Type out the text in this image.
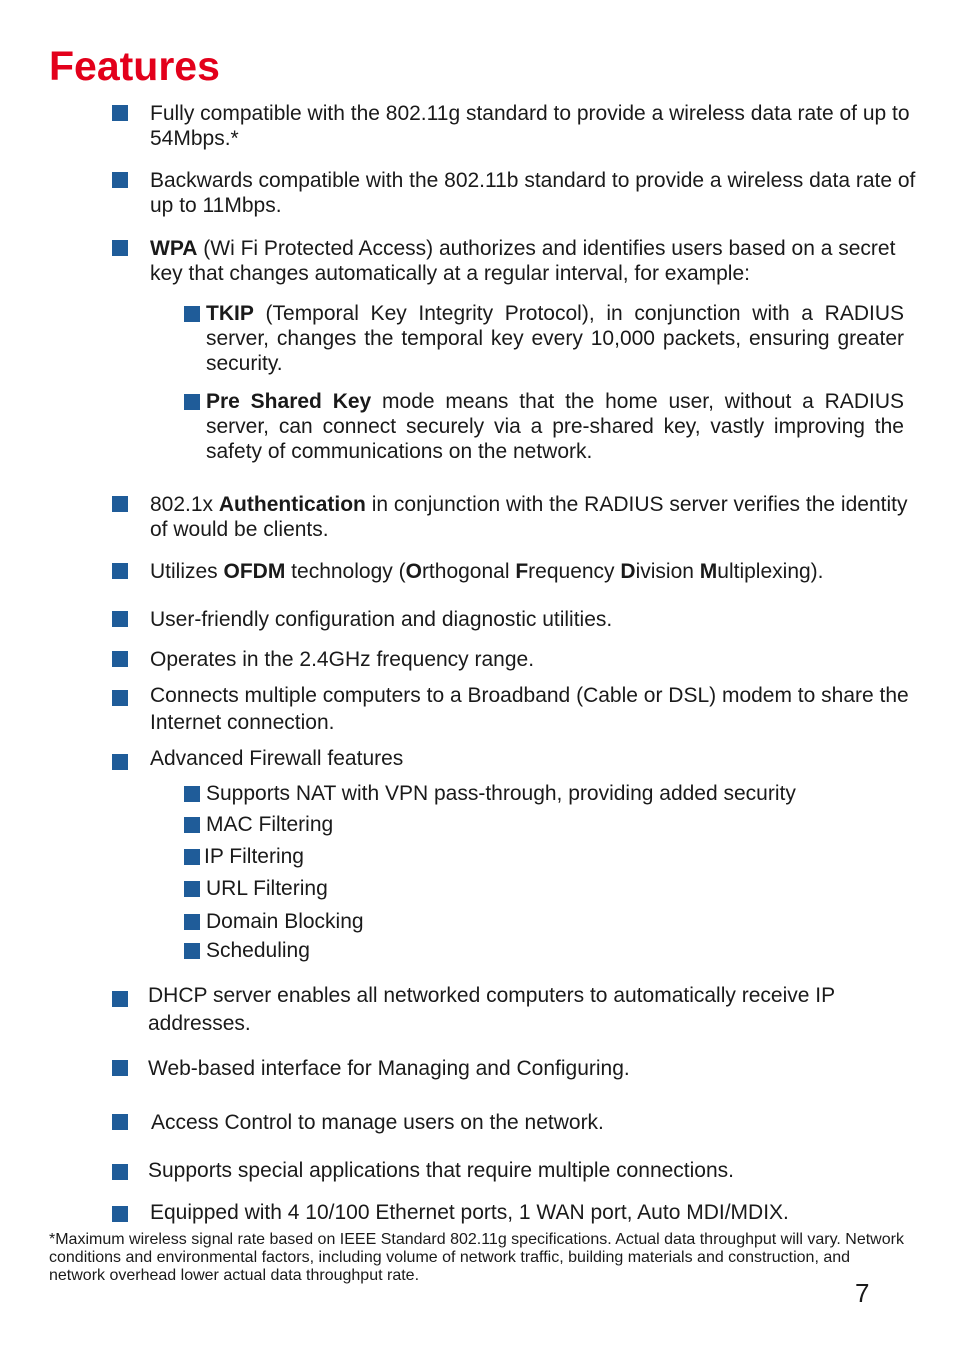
Features
Fully compatible with the 802.11g standard to provide a wireless data rate of up to 54Mbps.*
Backwards compatible with the 802.11b standard to provide a wireless data rate of up to 11Mbps.
WPA (Wi Fi Protected Access) authorizes and identifies users based on a secret key that changes automatically at a regular interval, for example:
TKIP (Temporal Key Integrity Protocol), in conjunction with a RADIUS server, changes the temporal key every 10,000 packets, ensuring greater security.
Pre Shared Key mode means that the home user, without a RADIUS server, can connect securely via a pre-shared key, vastly improving the safety of communications on the network.
802.1x Authentication in conjunction with the RADIUS server verifies the identity of would be clients.
Utilizes OFDM technology (Orthogonal Frequency Division Multiplexing).
User-friendly configuration and diagnostic utilities.
Operates in the 2.4GHz frequency range.
Connects multiple computers to a Broadband (Cable or DSL) modem to share the Internet connection.
Advanced Firewall features
Supports NAT with VPN pass-through, providing added security
MAC Filtering
IP Filtering
URL Filtering
Domain Blocking
Scheduling
DHCP server enables all networked computers to automatically receive IP addresses.
Web-based interface for Managing and Configuring.
Access Control to manage users on the network.
Supports special applications that require multiple connections.
Equipped with 4 10/100 Ethernet ports, 1 WAN port, Auto MDI/MDIX.
*Maximum wireless signal rate based on IEEE Standard 802.11g specifications. Actual data throughput will vary. Network conditions and environmental factors, including volume of network traffic, building materials and construction, and network overhead lower actual data throughput rate.
7
